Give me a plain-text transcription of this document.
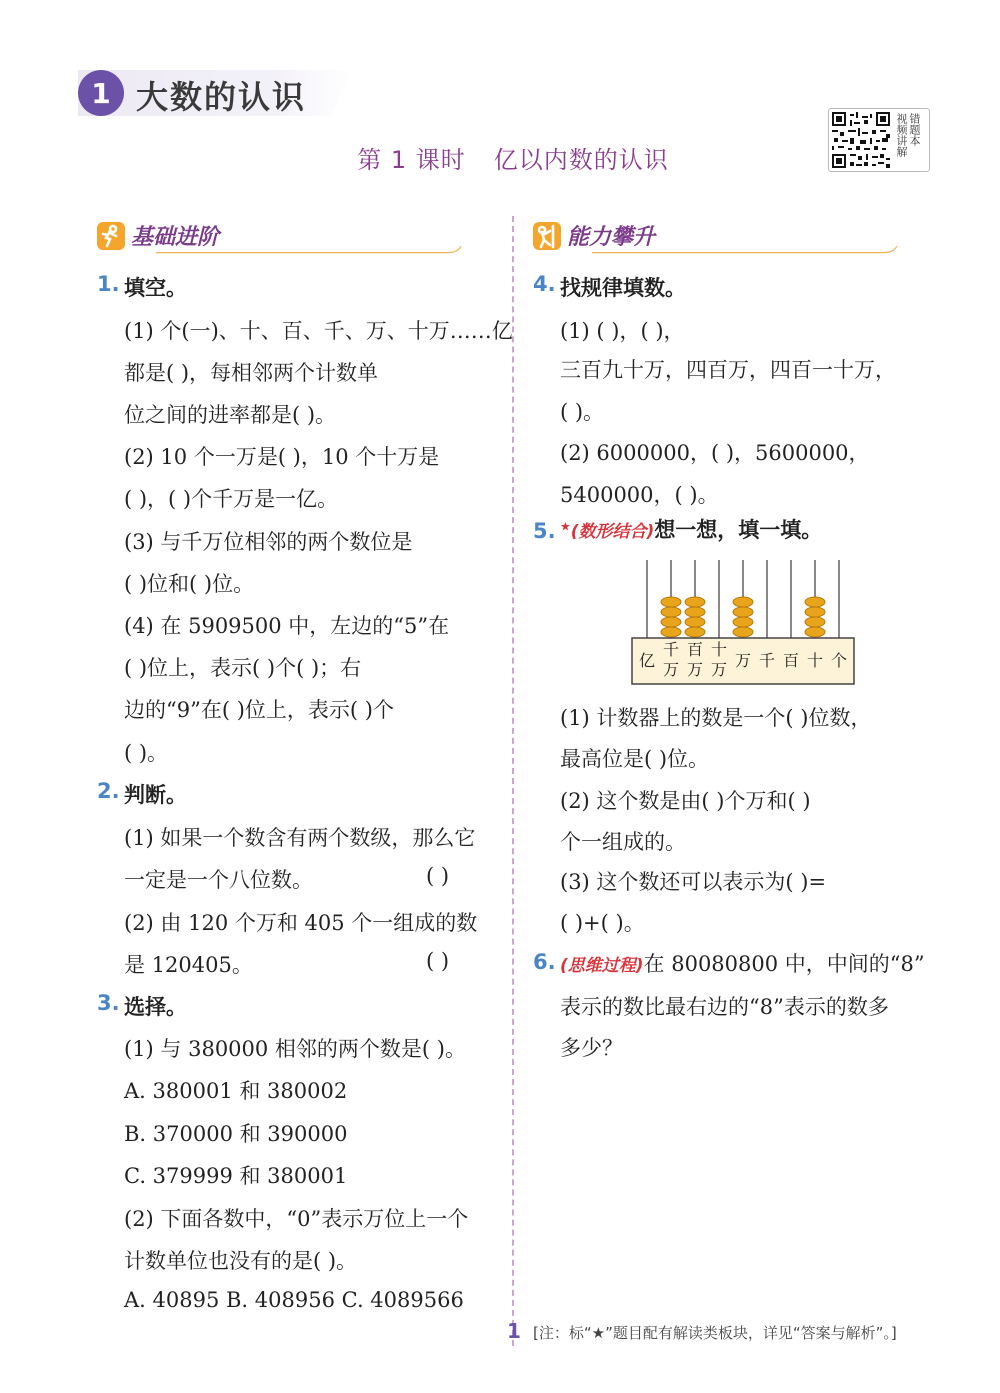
1 大数的认识
第 1 课时 亿以内数的认识
视频讲解错题本
基础进阶	能力攀升
1. 填空。
(1) 个(一)、十、百、千、万、十万……亿
都是( )，每相邻两个计数单
位之间的进率都是( )。
(2) 10 个一万是( )，10 个十万是
( )，( )个千万是一亿。
(3) 与千万位相邻的两个数位是
( )位和( )位。
(4) 在 5909500 中，左边的“5”在
( )位上，表示( )个( )；右
边的“9”在( )位上，表示( )个
( )。
2. 判断。
(1) 如果一个数含有两个数级，那么它
一定是一个八位数。	( )
(2) 由 120 个万和 405 个一组成的数
是 120405。	( )
3. 选择。
(1) 与 380000 相邻的两个数是( )。
A. 380001 和 380002
B. 370000 和 390000
C. 379999 和 380001
(2) 下面各数中，“0”表示万位上一个
计数单位也没有的是( )。
A. 40895 B. 408956 C. 4089566
4. 找规律填数。
(1) ( )，( )，
三百九十万，四百万，四百一十万，
( )。
(2) 6000000，( )，5600000，
5400000，( )。
5. ★(数形结合)想一想，填一填。
亿
千
万
百
万
十
万 万 千 百 十 个
(1) 计数器上的数是一个( )位数，
最高位是( )位。
(2) 这个数是由( )个万和( )
个一组成的。
(3) 这个数还可以表示为( )=
( )+( )。
6. (思维过程)在 80080800 中，中间的“8”
表示的数比最右边的“8”表示的数多
多少？
1 [注：标“★”题目配有解读类板块，详见“答案与解析”。]
